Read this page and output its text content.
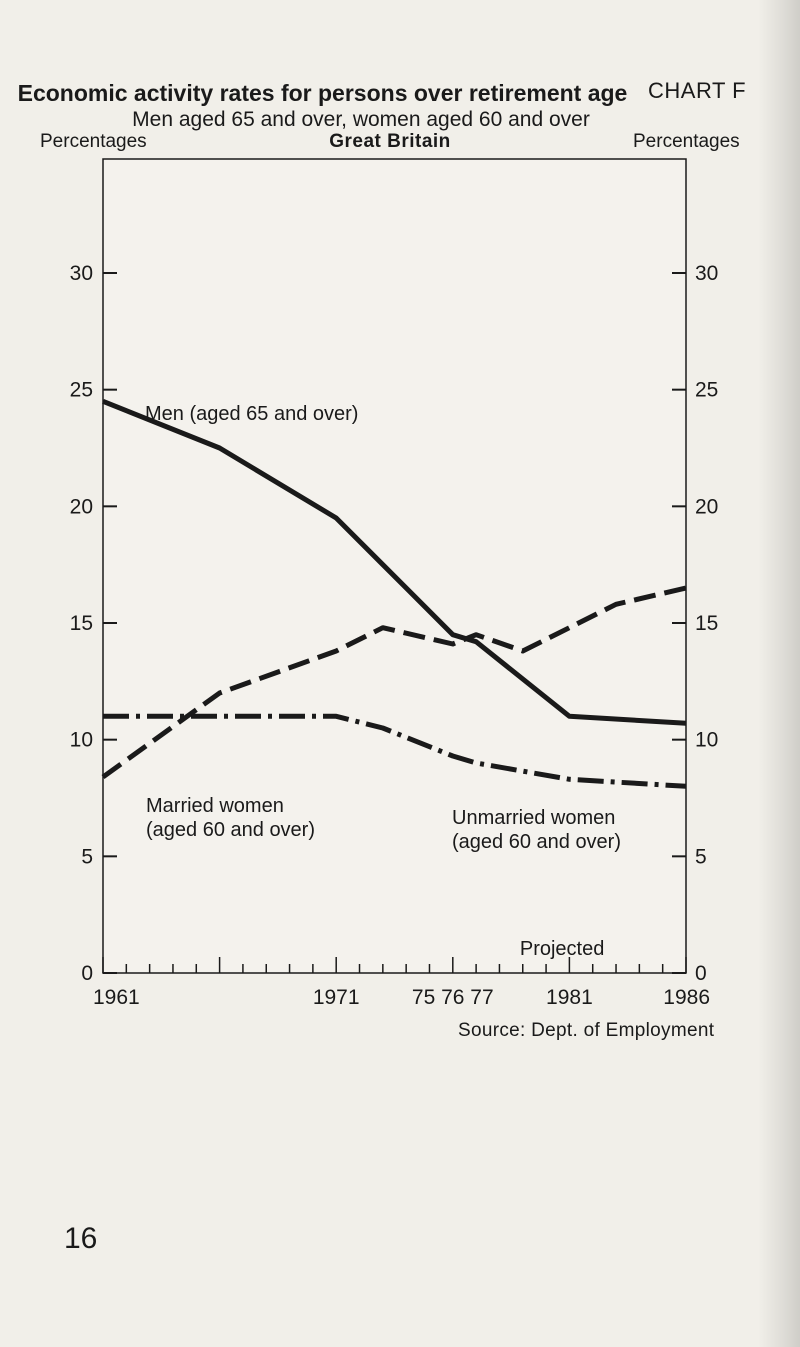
CHART F
Economic activity rates for persons over retirement age
Men aged 65 and over, women aged 60 and over
Percentages	Great Britain	Percentages
0	0
5	5
10	10
15	15
20	20
25	25
30	30
1961	1971 75 76 77 1981	1986
Men (aged 65 and over)
Married women (aged 60 and over)
Unmarried women (aged 60 and over)
Projected
Source: Dept. of Employment
16
